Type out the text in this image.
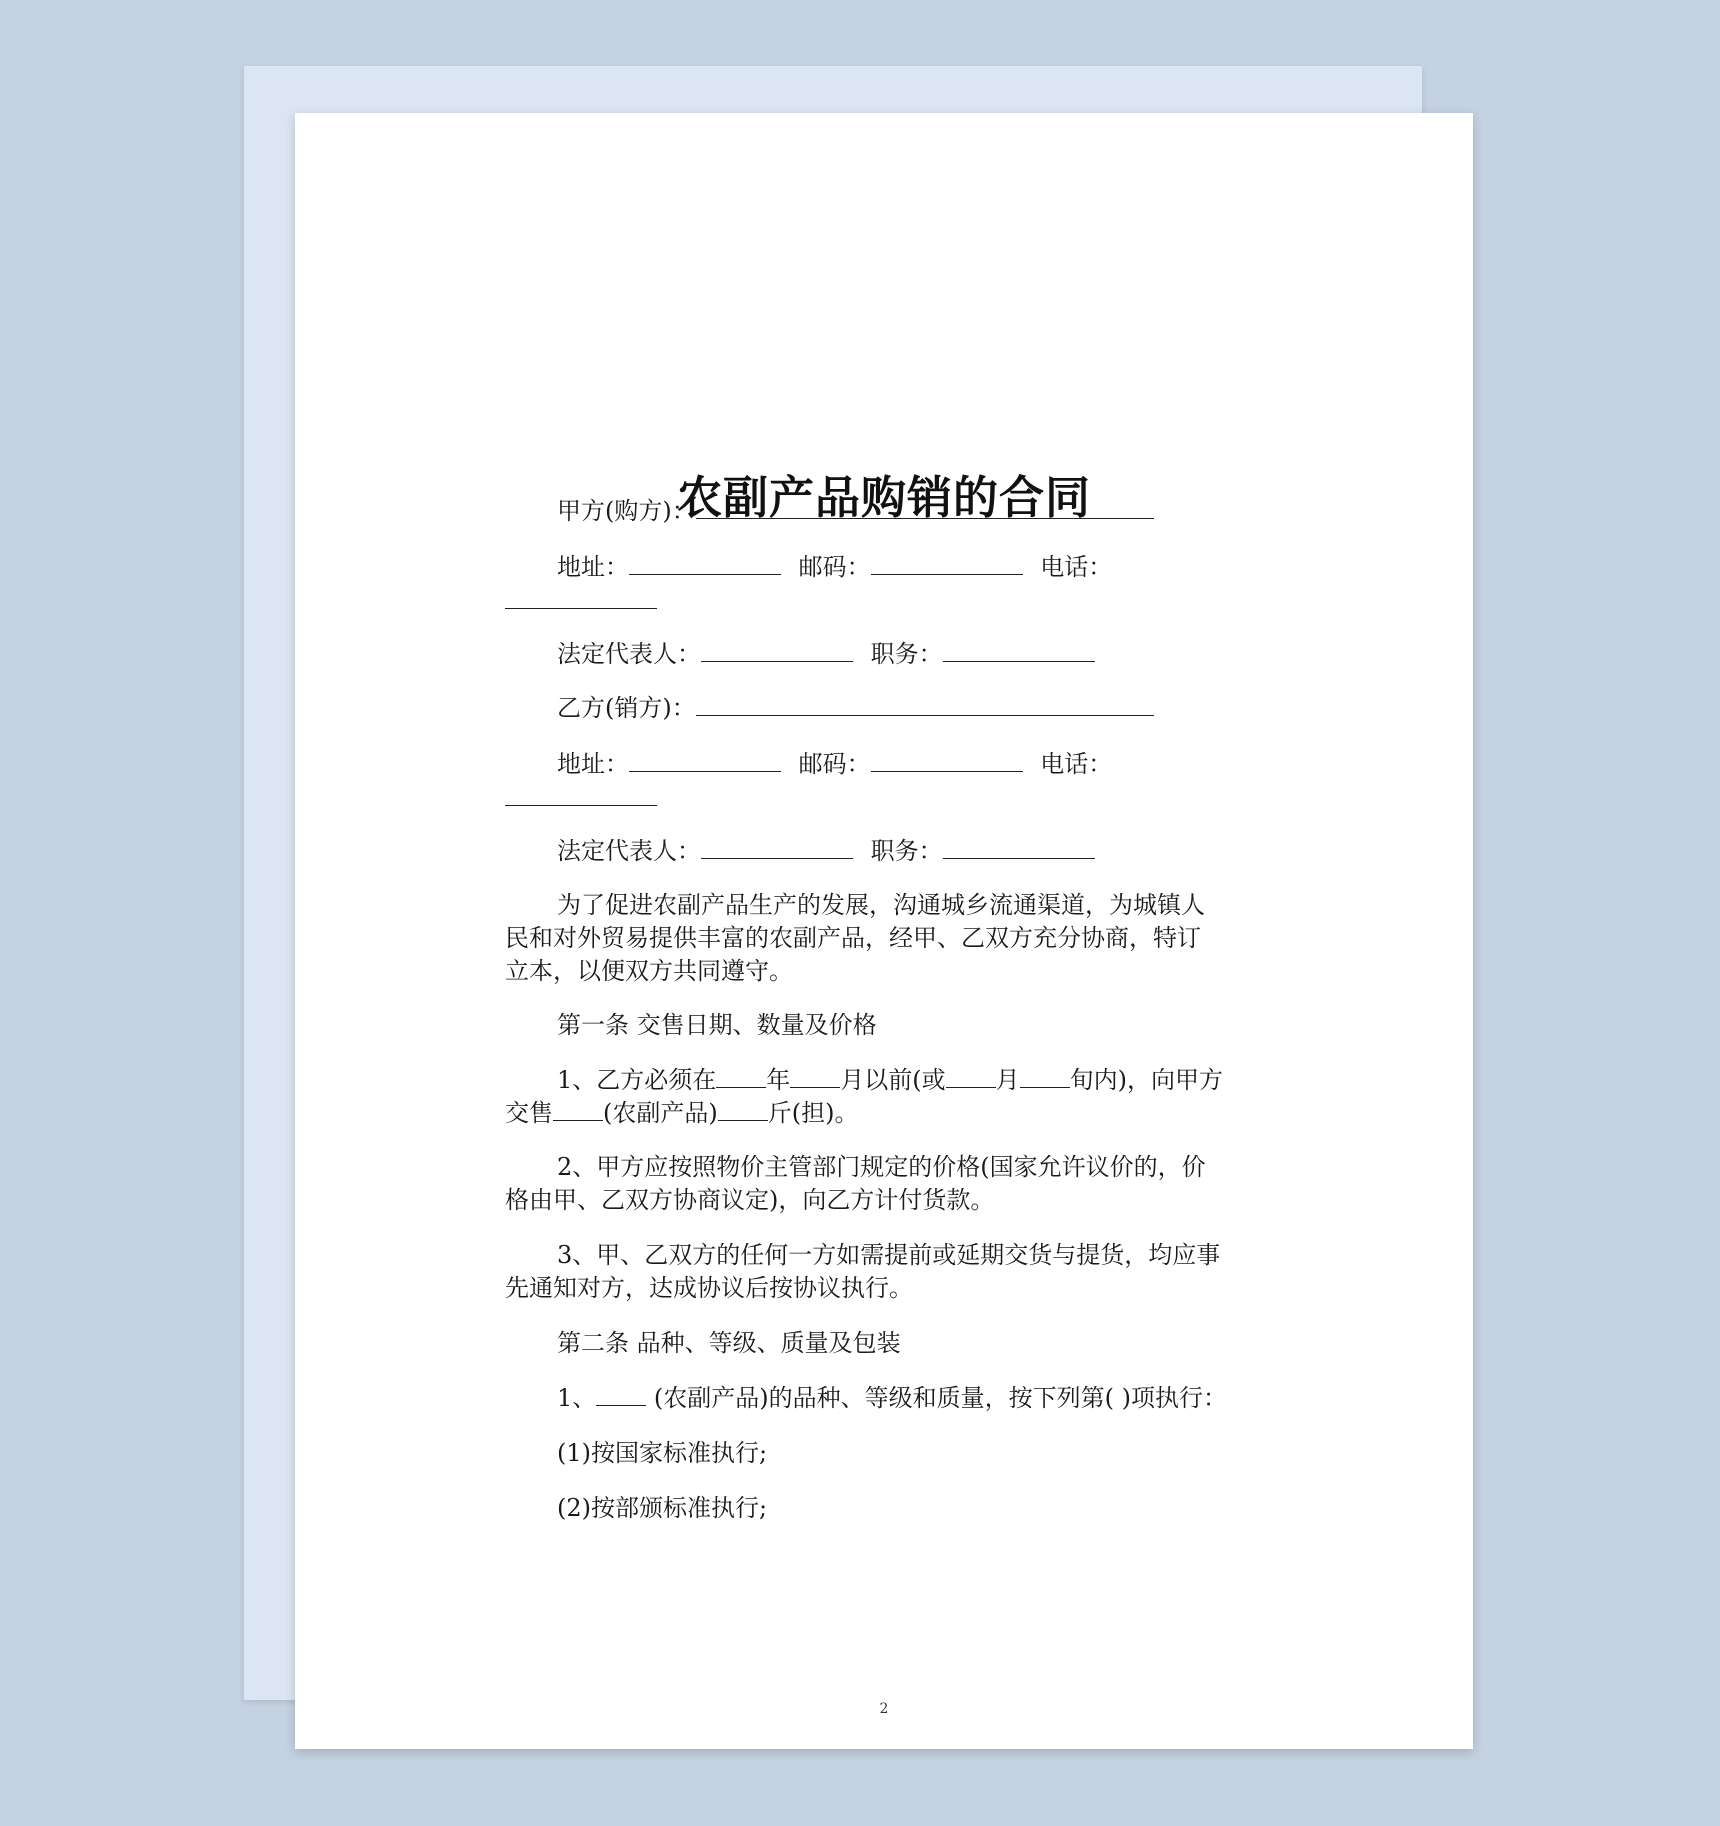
农副产品购销的合同
2
甲方(购方)：
地址：	邮码：	电话：
法定代表人：	职务：
乙方(销方)：
地址：	邮码：	电话：
法定代表人：	职务：
为了促进农副产品生产的发展，沟通城乡流通渠道，为城镇人
民和对外贸易提供丰富的农副产品，经甲、乙双方充分协商，特订
立本，以便双方共同遵守。
第一条 交售日期、数量及价格
1、乙方必须在 年 月以前(或 月 旬内)，向甲方
交售 (农副产品) 斤(担)。
2、甲方应按照物价主管部门规定的价格(国家允许议价的，价
格由甲、乙双方协商议定)，向乙方计付货款。
3、甲、乙双方的任何一方如需提前或延期交货与提货，均应事
先通知对方，达成协议后按协议执行。
第二条 品种、等级、质量及包装
1、 (农副产品)的品种、等级和质量，按下列第( )项执行：
(1)按国家标准执行;
(2)按部颁标准执行;
